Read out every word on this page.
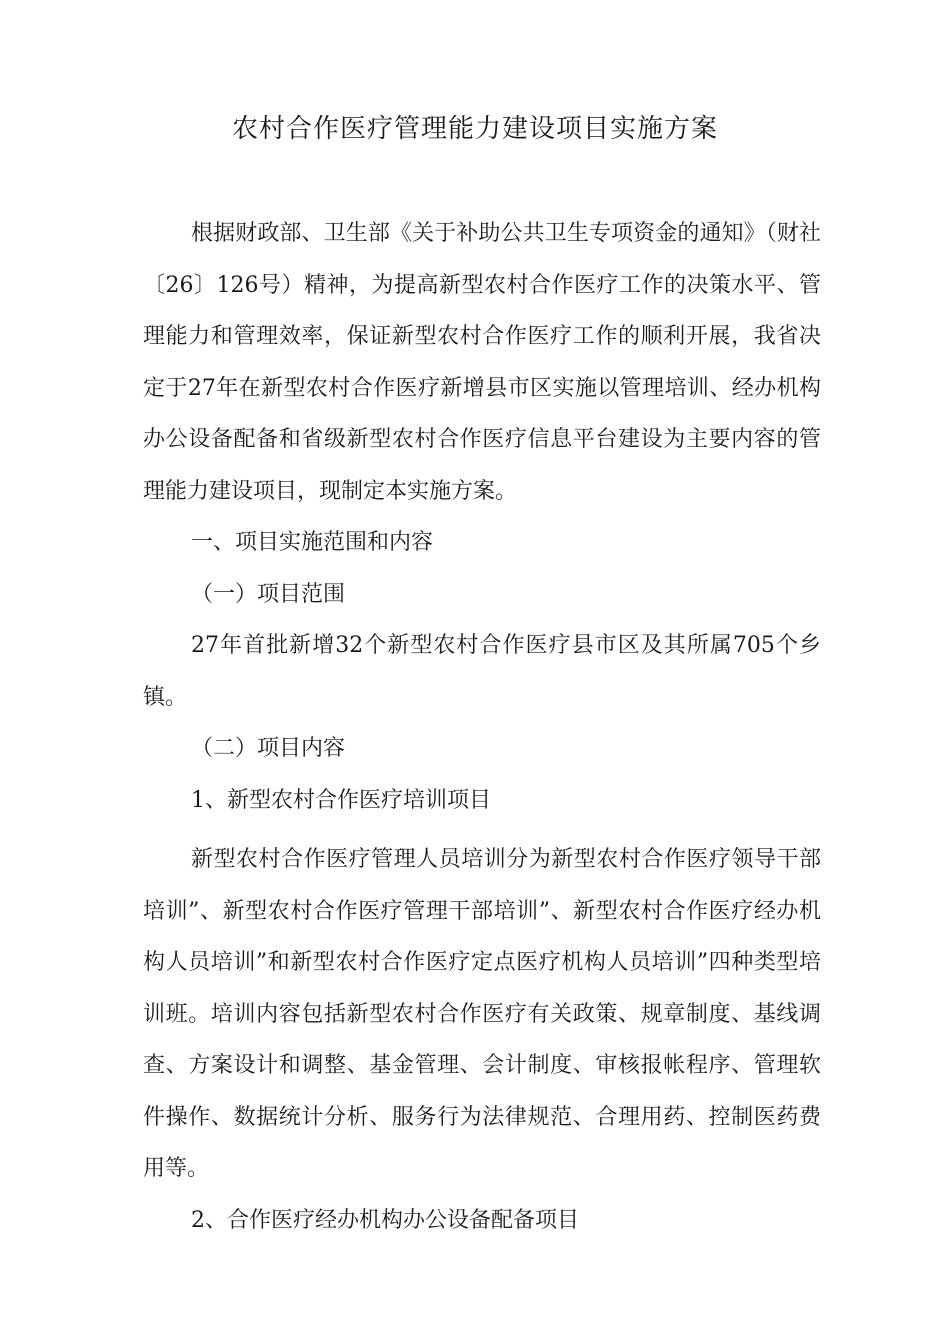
农村合作医疗管理能力建设项目实施方案

根据财政部、卫生部《关于补助公共卫生专项资金的通知》（财社〔26〕126号）精神，为提高新型农村合作医疗工作的决策水平、管理能力和管理效率，保证新型农村合作医疗工作的顺利开展，我省决定于27年在新型农村合作医疗新增县市区实施以管理培训、经办机构办公设备配备和省级新型农村合作医疗信息平台建设为主要内容的管理能力建设项目，现制定本实施方案。

一、项目实施范围和内容

（一）项目范围

27年首批新增32个新型农村合作医疗县市区及其所属705个乡镇。

（二）项目内容

1、新型农村合作医疗培训项目

新型农村合作医疗管理人员培训分为新型农村合作医疗领导干部培训”、新型农村合作医疗管理干部培训”、新型农村合作医疗经办机构人员培训”和新型农村合作医疗定点医疗机构人员培训”四种类型培训班。培训内容包括新型农村合作医疗有关政策、规章制度、基线调查、方案设计和调整、基金管理、会计制度、审核报帐程序、管理软件操作、数据统计分析、服务行为法律规范、合理用药、控制医药费用等。

2、合作医疗经办机构办公设备配备项目
